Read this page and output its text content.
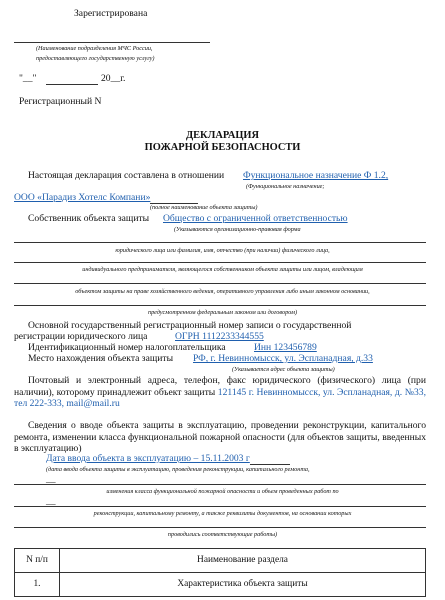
Зарегистрирована
(Наименование подразделения МЧС России,
предоставляющего государственную услугу)
"__"	20__г.
Регистрационный N
ДЕКЛАРАЦИЯ
ПОЖАРНОЙ БЕЗОПАСНОСТИ
Настоящая декларация составлена в отношении Функциональное назначение Ф 1.2,
(Функциональное назначение;
ООО «Парадиз Хотелс Компани»
(полное наименование объекта защиты)
Собственник объекта защиты Общество с ограниченной ответственностью
(Указываются организационно-правовая форма
юридического лица или фамилия, имя, отчество (при наличии) физического лица,
индивидуального предпринимателя, являющегося собственником объекта защиты или лицом, владеющим
объектом защиты на праве хозяйственного ведения, оперативного управления либо иным законном основании,
предусмотренном федеральным законом или договором)
Основной государственный регистрационный номер записи о государственной
регистрации юридического лица	ОГРН 1112233344555
Идентификационный номер налогоплательщика	Инн 123456789
Место нахождения объекта защиты РФ, г. Невинномысск, ул. Эспланадная, д.33
(Указывается адрес объекта защиты)
Почтовый и электронный адреса, телефон, факс юридического (физического) лица (при наличии), которому принадлежит объект защиты 121145 г. Невинномысск, ул. Эспланадная, д. №33, тел 222-333, mail@mail.ru
Сведения о вводе объекта защиты в эксплуатацию, проведении реконструкции, капитального ремонта, изменении класса функциональной пожарной опасности (для объектов защиты, введенных в эксплуатацию)
Дата ввода объекта в эксплуатацию – 15.11.2003 г
(дата ввода объекта защиты в эксплуатацию, проведения реконструкции, капитального ремонта,
__
изменения класса функциональной пожарной опасности и объем проведенных работ по
__
реконструкции, капитальному ремонту, а также реквизиты документов, на основании которых
проводились соответствующие работы)
N п/п	Наименование раздела
1.	Характеристика объекта защиты
